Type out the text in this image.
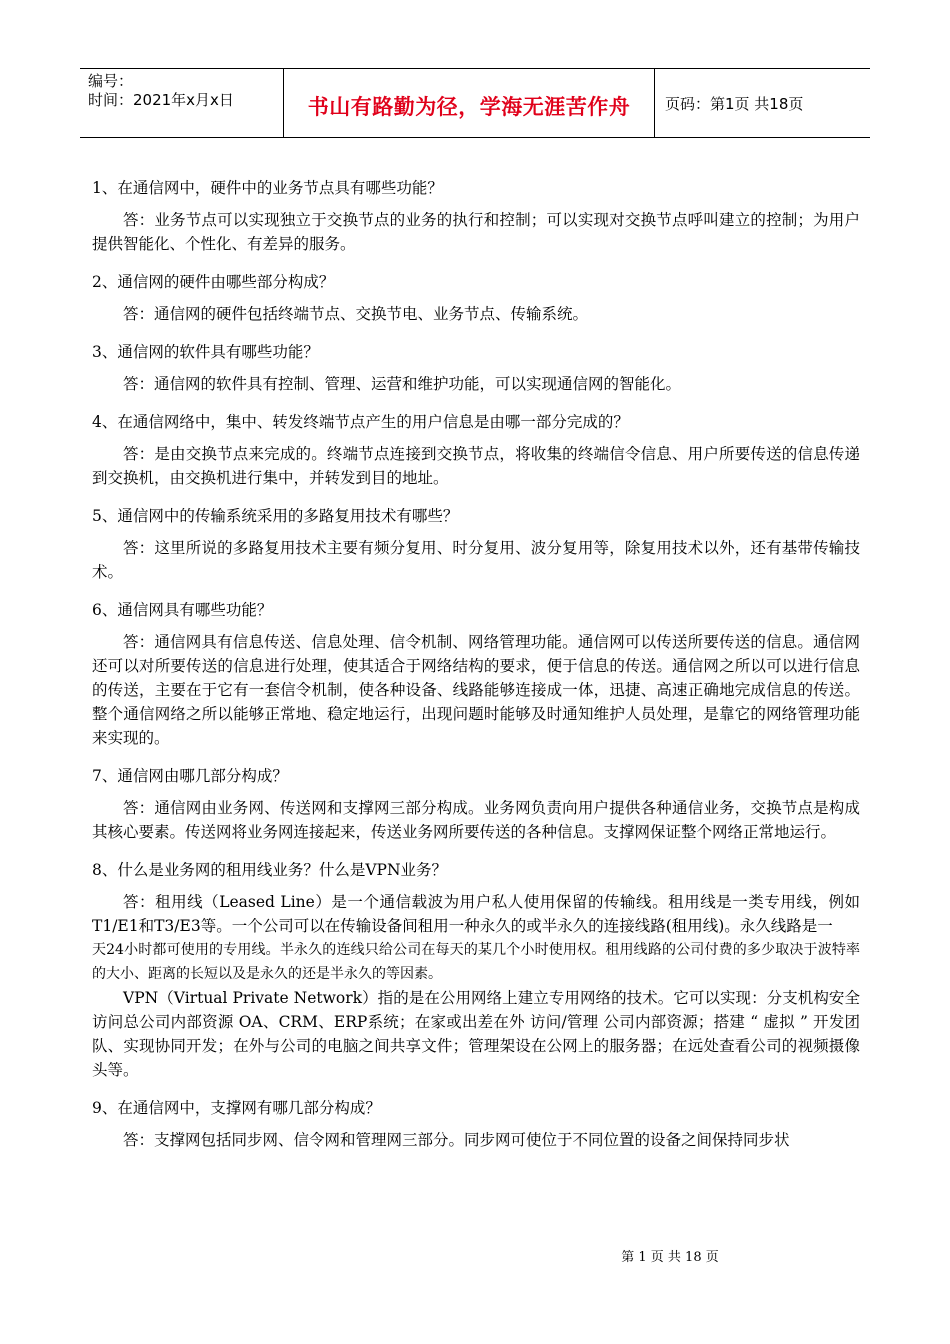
编号：
时间：2021年x月x日	书山有路勤为径，学海无涯苦作舟	页码：第1页 共18页

1、在通信网中，硬件中的业务节点具有哪些功能？

答：业务节点可以实现独立于交换节点的业务的执行和控制；可以实现对交换节点呼叫建立的控制；为用户提供智能化、个性化、有差异的服务。

2、通信网的硬件由哪些部分构成？

答：通信网的硬件包括终端节点、交换节电、业务节点、传输系统。

3、通信网的软件具有哪些功能？

答：通信网的软件具有控制、管理、运营和维护功能，可以实现通信网的智能化。

4、在通信网络中，集中、转发终端节点产生的用户信息是由哪一部分完成的？

答：是由交换节点来完成的。终端节点连接到交换节点，将收集的终端信令信息、用户所要传送的信息传递到交换机，由交换机进行集中，并转发到目的地址。

5、通信网中的传输系统采用的多路复用技术有哪些？

答：这里所说的多路复用技术主要有频分复用、时分复用、波分复用等，除复用技术以外，还有基带传输技术。

6、通信网具有哪些功能？

答：通信网具有信息传送、信息处理、信令机制、网络管理功能。通信网可以传送所要传送的信息。通信网还可以对所要传送的信息进行处理，使其适合于网络结构的要求，便于信息的传送。通信网之所以可以进行信息的传送，主要在于它有一套信令机制，使各种设备、线路能够连接成一体，迅捷、高速正确地完成信息的传送。整个通信网络之所以能够正常地、稳定地运行，出现问题时能够及时通知维护人员处理，是靠它的网络管理功能来实现的。

7、通信网由哪几部分构成？

答：通信网由业务网、传送网和支撑网三部分构成。业务网负责向用户提供各种通信业务，交换节点是构成其核心要素。传送网将业务网连接起来，传送业务网所要传送的各种信息。支撑网保证整个网络正常地运行。

8、什么是业务网的租用线业务？什么是VPN业务？

答：租用线（Leased Line）是一个通信载波为用户私人使用保留的传输线。租用线是一类专用线，例如T1/E1和T3/E3等。一个公司可以在传输设备间租用一种永久的或半永久的连接线路(租用线)。永久线路是一

天24小时都可使用的专用线。半永久的连线只给公司在每天的某几个小时使用权。租用线路的公司付费的多少取决于波特率的大小、距离的长短以及是永久的还是半永久的等因素。

VPN（Virtual Private Network）指的是在公用网络上建立专用网络的技术。它可以实现：分支机构安全访问总公司内部资源 OA、CRM、ERP系统；在家或出差在外 访问/管理 公司内部资源；搭建 “ 虚拟 ” 开发团队、实现协同开发；在外与公司的电脑之间共享文件；管理架设在公网上的服务器；在远处查看公司的视频摄像头等。

9、在通信网中，支撑网有哪几部分构成？

答：支撑网包括同步网、信令网和管理网三部分。同步网可使位于不同位置的设备之间保持同步状

第 1 页 共 18 页
